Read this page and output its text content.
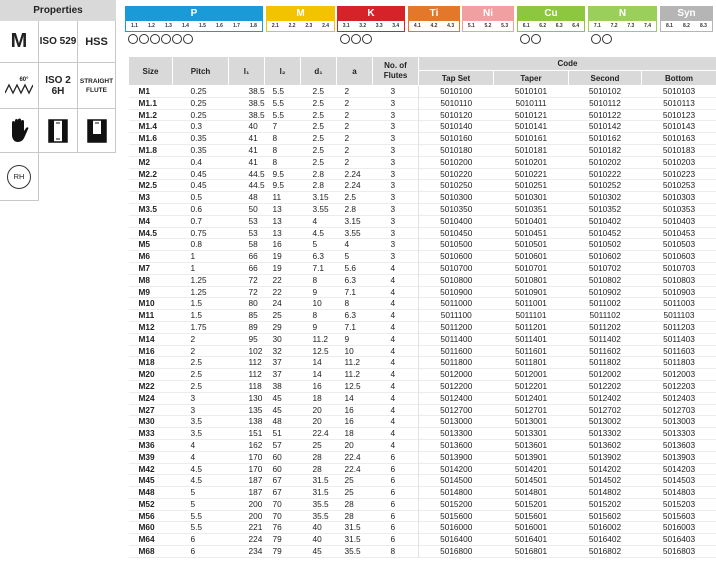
Properties
M	ISO 529 HSS
60°	ISO 2 6H
STRAIGHT FLUTE
RH
P
1.1 1.2 1.3 1.4 1.5 1.6 1.7 1.8
M
2.1 2.2 2.3 2.4
K
3.1 3.2 3.3 3.4
Ti
4.1 4.2 4.3
Ni
5.1 5.2 5.3
Cu
6.1 6.2 6.3 6.4
N
7.1 7.2 7.3 7.4
Syn
8.1 8.2 8.3
Size	Pitch	l₁	l₂	d₁	a	No. of Flutes	Code			
							Tap Set	Taper	Second	Bottom
M1	0.25	38.5	5.5	2.5	2	3	5010100	5010101	5010102	5010103
M1.1	0.25	38.5	5.5	2.5	2	3	5010110	5010111	5010112	5010113
M1.2	0.25	38.5	5.5	2.5	2	3	5010120	5010121	5010122	5010123
M1.4	0.3	40	7	2.5	2	3	5010140	5010141	5010142	5010143
M1.6	0.35	41	8	2.5	2	3	5010160	5010161	5010162	5010163
M1.8	0.35	41	8	2.5	2	3	5010180	5010181	5010182	5010183
M2	0.4	41	8	2.5	2	3	5010200	5010201	5010202	5010203
M2.2	0.45	44.5	9.5	2.8	2.24	3	5010220	5010221	5010222	5010223
M2.5	0.45	44.5	9.5	2.8	2.24	3	5010250	5010251	5010252	5010253
M3	0.5	48	11	3.15	2.5	3	5010300	5010301	5010302	5010303
M3.5	0.6	50	13	3.55	2.8	3	5010350	5010351	5010352	5010353
M4	0.7	53	13	4	3.15	3	5010400	5010401	5010402	5010403
M4.5	0.75	53	13	4.5	3.55	3	5010450	5010451	5010452	5010453
M5	0.8	58	16	5	4	3	5010500	5010501	5010502	5010503
M6	1	66	19	6.3	5	3	5010600	5010601	5010602	5010603
M7	1	66	19	7.1	5.6	4	5010700	5010701	5010702	5010703
M8	1.25	72	22	8	6.3	4	5010800	5010801	5010802	5010803
M9	1.25	72	22	9	7.1	4	5010900	5010901	5010902	5010903
M10	1.5	80	24	10	8	4	5011000	5011001	5011002	5011003
M11	1.5	85	25	8	6.3	4	5011100	5011101	5011102	5011103
M12	1.75	89	29	9	7.1	4	5011200	5011201	5011202	5011203
M14	2	95	30	11.2	9	4	5011400	5011401	5011402	5011403
M16	2	102	32	12.5	10	4	5011600	5011601	5011602	5011603
M18	2.5	112	37	14	11.2	4	5011800	5011801	5011802	5011803
M20	2.5	112	37	14	11.2	4	5012000	5012001	5012002	5012003
M22	2.5	118	38	16	12.5	4	5012200	5012201	5012202	5012203
M24	3	130	45	18	14	4	5012400	5012401	5012402	5012403
M27	3	135	45	20	16	4	5012700	5012701	5012702	5012703
M30	3.5	138	48	20	16	4	5013000	5013001	5013002	5013003
M33	3.5	151	51	22.4	18	4	5013300	5013301	5013302	5013303
M36	4	162	57	25	20	4	5013600	5013601	5013602	5013603
M39	4	170	60	28	22.4	6	5013900	5013901	5013902	5013903
M42	4.5	170	60	28	22.4	6	5014200	5014201	5014202	5014203
M45	4.5	187	67	31.5	25	6	5014500	5014501	5014502	5014503
M48	5	187	67	31.5	25	6	5014800	5014801	5014802	5014803
M52	5	200	70	35.5	28	6	5015200	5015201	5015202	5015203
M56	5.5	200	70	35.5	28	6	5015600	5015601	5015602	5015603
M60	5.5	221	76	40	31.5	6	5016000	5016001	5016002	5016003
M64	6	224	79	40	31.5	6	5016400	5016401	5016402	5016403
M68	6	234	79	45	35.5	8	5016800	5016801	5016802	5016803
